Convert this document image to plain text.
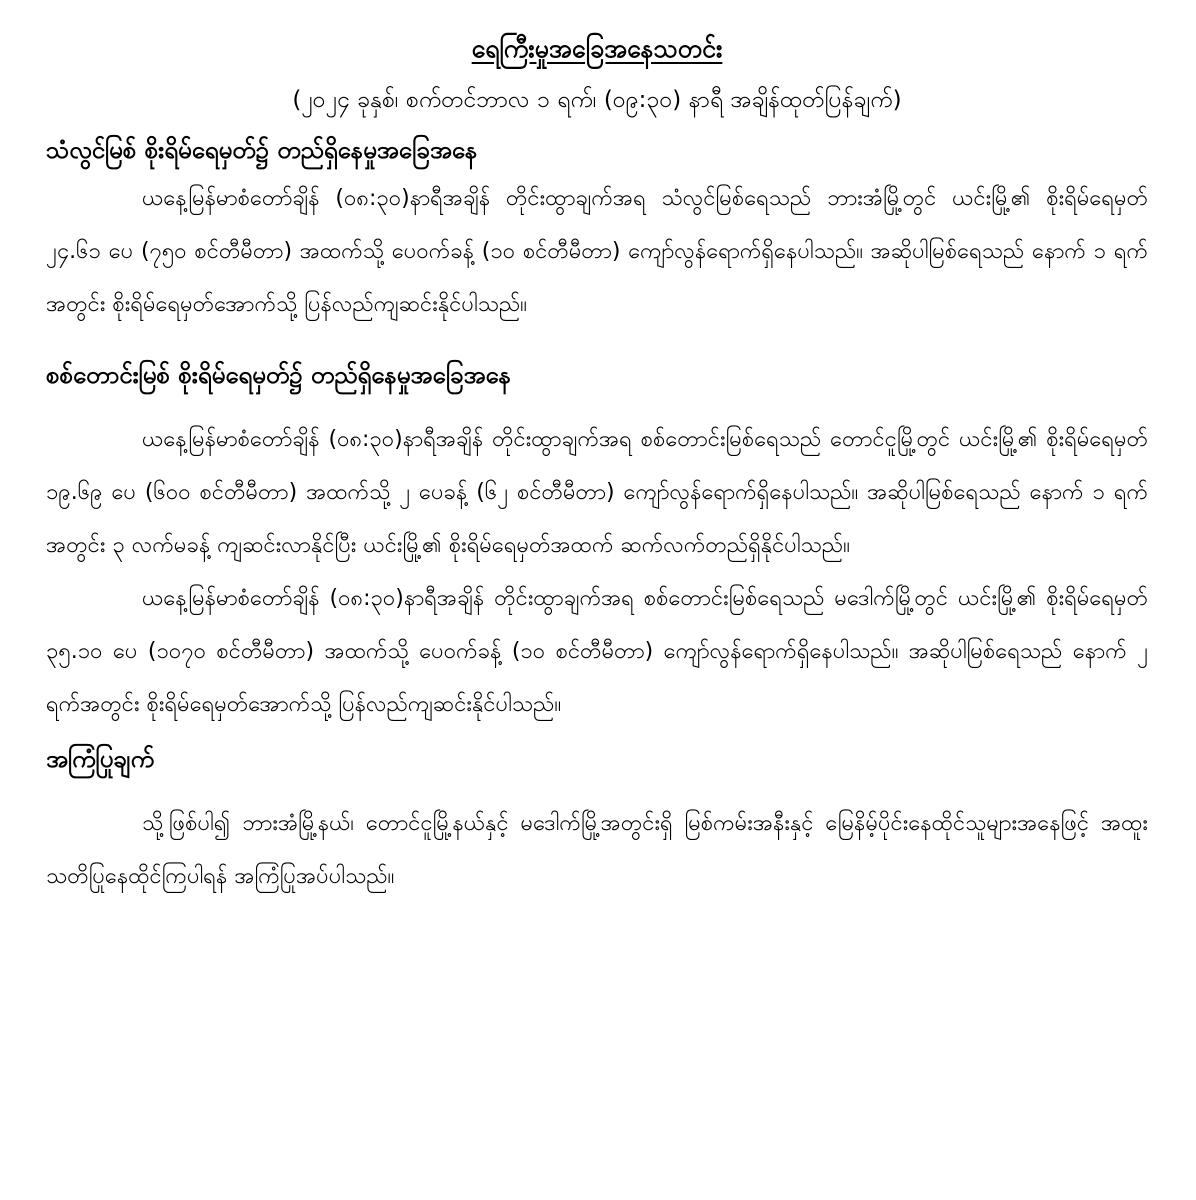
ရေကြီးမှုအခြေအနေသတင်း

(၂၀၂၄ ခုနှစ်၊ စက်တင်ဘာလ ၁ ရက်၊ (၀၉:၃၀) နာရီ အချိန်ထုတ်ပြန်ချက်)

သံလွင်မြစ် စိုးရိမ်ရေမှတ်၌ တည်ရှိနေမှုအခြေအနေ

ယနေ့မြန်မာစံတော်ချိန် (၀၈:၃၀)နာရီအချိန် တိုင်းထွာချက်အရ သံလွင်မြစ်ရေသည် ဘားအံမြို့တွင် ယင်းမြို့၏ စိုးရိမ်ရေမှတ် ၂၄.၆၁ ပေ (၇၅၀ စင်တီမီတာ) အထက်သို့ ပေ၀က်ခန့် (၁၀ စင်တီမီတာ) ကျော်လွန်ရောက်ရှိနေပါသည်။ အဆိုပါမြစ်ရေသည် နောက် ၁ ရက်အတွင်း စိုးရိမ်ရေမှတ်အောက်သို့ ပြန်လည်ကျဆင်းနိုင်ပါသည်။

စစ်တောင်းမြစ် စိုးရိမ်ရေမှတ်၌ တည်ရှိနေမှုအခြေအနေ

ယနေ့မြန်မာစံတော်ချိန် (၀၈:၃၀)နာရီအချိန် တိုင်းထွာချက်အရ စစ်တောင်းမြစ်ရေသည် တောင်ငူမြို့တွင် ယင်းမြို့၏ စိုးရိမ်ရေမှတ် ၁၉.၆၉ ပေ (၆၀၀ စင်တီမီတာ) အထက်သို့ ၂ ပေခန့် (၆၂ စင်တီမီတာ) ကျော်လွန်ရောက်ရှိနေပါသည်။ အဆိုပါမြစ်ရေသည် နောက် ၁ ရက်အတွင်း ၃ လက်မခန့် ကျဆင်းလာနိုင်ပြီး ယင်းမြို့၏ စိုးရိမ်ရေမှတ်အထက် ဆက်လက်တည်ရှိနိုင်ပါသည်။

ယနေ့မြန်မာစံတော်ချိန် (၀၈:၃၀)နာရီအချိန် တိုင်းထွာချက်အရ စစ်တောင်းမြစ်ရေသည် မဒေါက်မြို့တွင် ယင်းမြို့၏ စိုးရိမ်ရေမှတ် ၃၅.၁၀ ပေ (၁၀၇၀ စင်တီမီတာ) အထက်သို့ ပေ၀က်ခန့် (၁၀ စင်တီမီတာ) ကျော်လွန်ရောက်ရှိနေပါသည်။ အဆိုပါမြစ်ရေသည် နောက် ၂ ရက်အတွင်း စိုးရိမ်ရေမှတ်အောက်သို့ ပြန်လည်ကျဆင်းနိုင်ပါသည်။

အကြံပြုချက်

သို့ဖြစ်ပါ၍ ဘားအံမြို့နယ်၊ တောင်ငူမြို့နယ်နှင့် မဒေါက်မြို့အတွင်းရှိ မြစ်ကမ်းအနီးနှင့် မြေနိမ့်ပိုင်းနေထိုင်သူများအနေဖြင့် အထူးသတိပြုနေထိုင်ကြပါရန် အကြံပြုအပ်ပါသည်။
